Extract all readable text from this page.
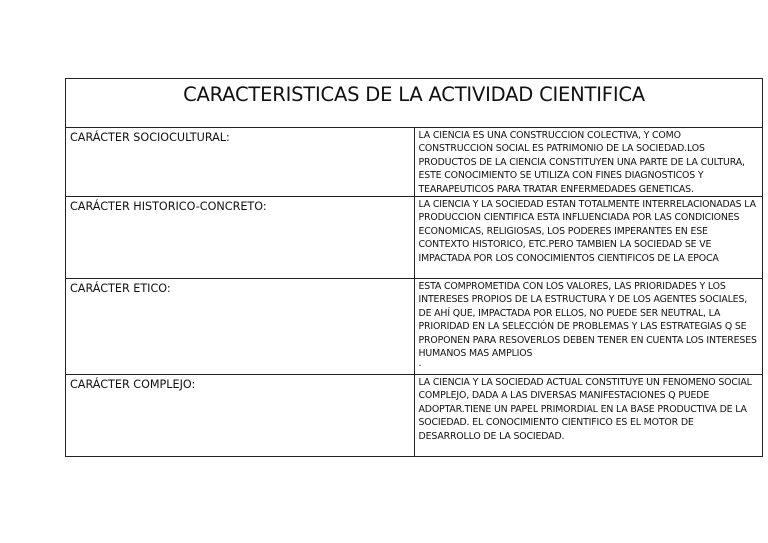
CARACTERISTICAS DE LA ACTIVIDAD CIENTIFICA	
CARÁCTER SOCIOCULTURAL:	LA CIENCIA ES UNA CONSTRUCCION COLECTIVA, Y COMO CONSTRUCCION SOCIAL ES PATRIMONIO DE LA SOCIEDAD.LOS PRODUCTOS DE LA CIENCIA CONSTITUYEN UNA PARTE DE LA CULTURA, ESTE CONOCIMIENTO SE UTILIZA CON FINES DIAGNOSTICOS Y TEARAPEUTICOS PARA TRATAR ENFERMEDADES GENETICAS.

CARÁCTER HISTORICO-CONCRETO:	LA CIENCIA Y LA SOCIEDAD ESTAN TOTALMENTE INTERRELACIONADAS LA PRODUCCION CIENTIFICA ESTA INFLUENCIADA POR LAS CONDICIONES ECONOMICAS, RELIGIOSAS, LOS PODERES IMPERANTES EN ESE CONTEXTO HISTORICO, ETC.PERO TAMBIEN LA SOCIEDAD SE VE IMPACTADA POR LOS CONOCIMIENTOS CIENTIFICOS DE LA EPOCA

CARÁCTER ETICO:	ESTA COMPROMETIDA CON LOS VALORES, LAS PRIORIDADES Y LOS INTERESES PROPIOS DE LA ESTRUCTURA Y DE LOS AGENTES SOCIALES, DE AHÍ QUE, IMPACTADA POR ELLOS, NO PUEDE SER NEUTRAL, LA PRIORIDAD EN LA SELECCIÓN DE PROBLEMAS Y LAS ESTRATEGIAS Q SE PROPONEN PARA RESOVERLOS DEBEN TENER EN CUENTA LOS INTERESES HUMANOS MAS AMPLIOS
.

CARÁCTER COMPLEJO:	LA CIENCIA Y LA SOCIEDAD ACTUAL CONSTITUYE UN FENOMENO SOCIAL COMPLEJO, DADA A LAS DIVERSAS MANIFESTACIONES Q PUEDE ADOPTAR.TIENE UN PAPEL PRIMORDIAL EN LA BASE PRODUCTIVA DE LA SOCIEDAD. EL CONOCIMIENTO CIENTIFICO ES EL MOTOR DE DESARROLLO DE LA SOCIEDAD.
